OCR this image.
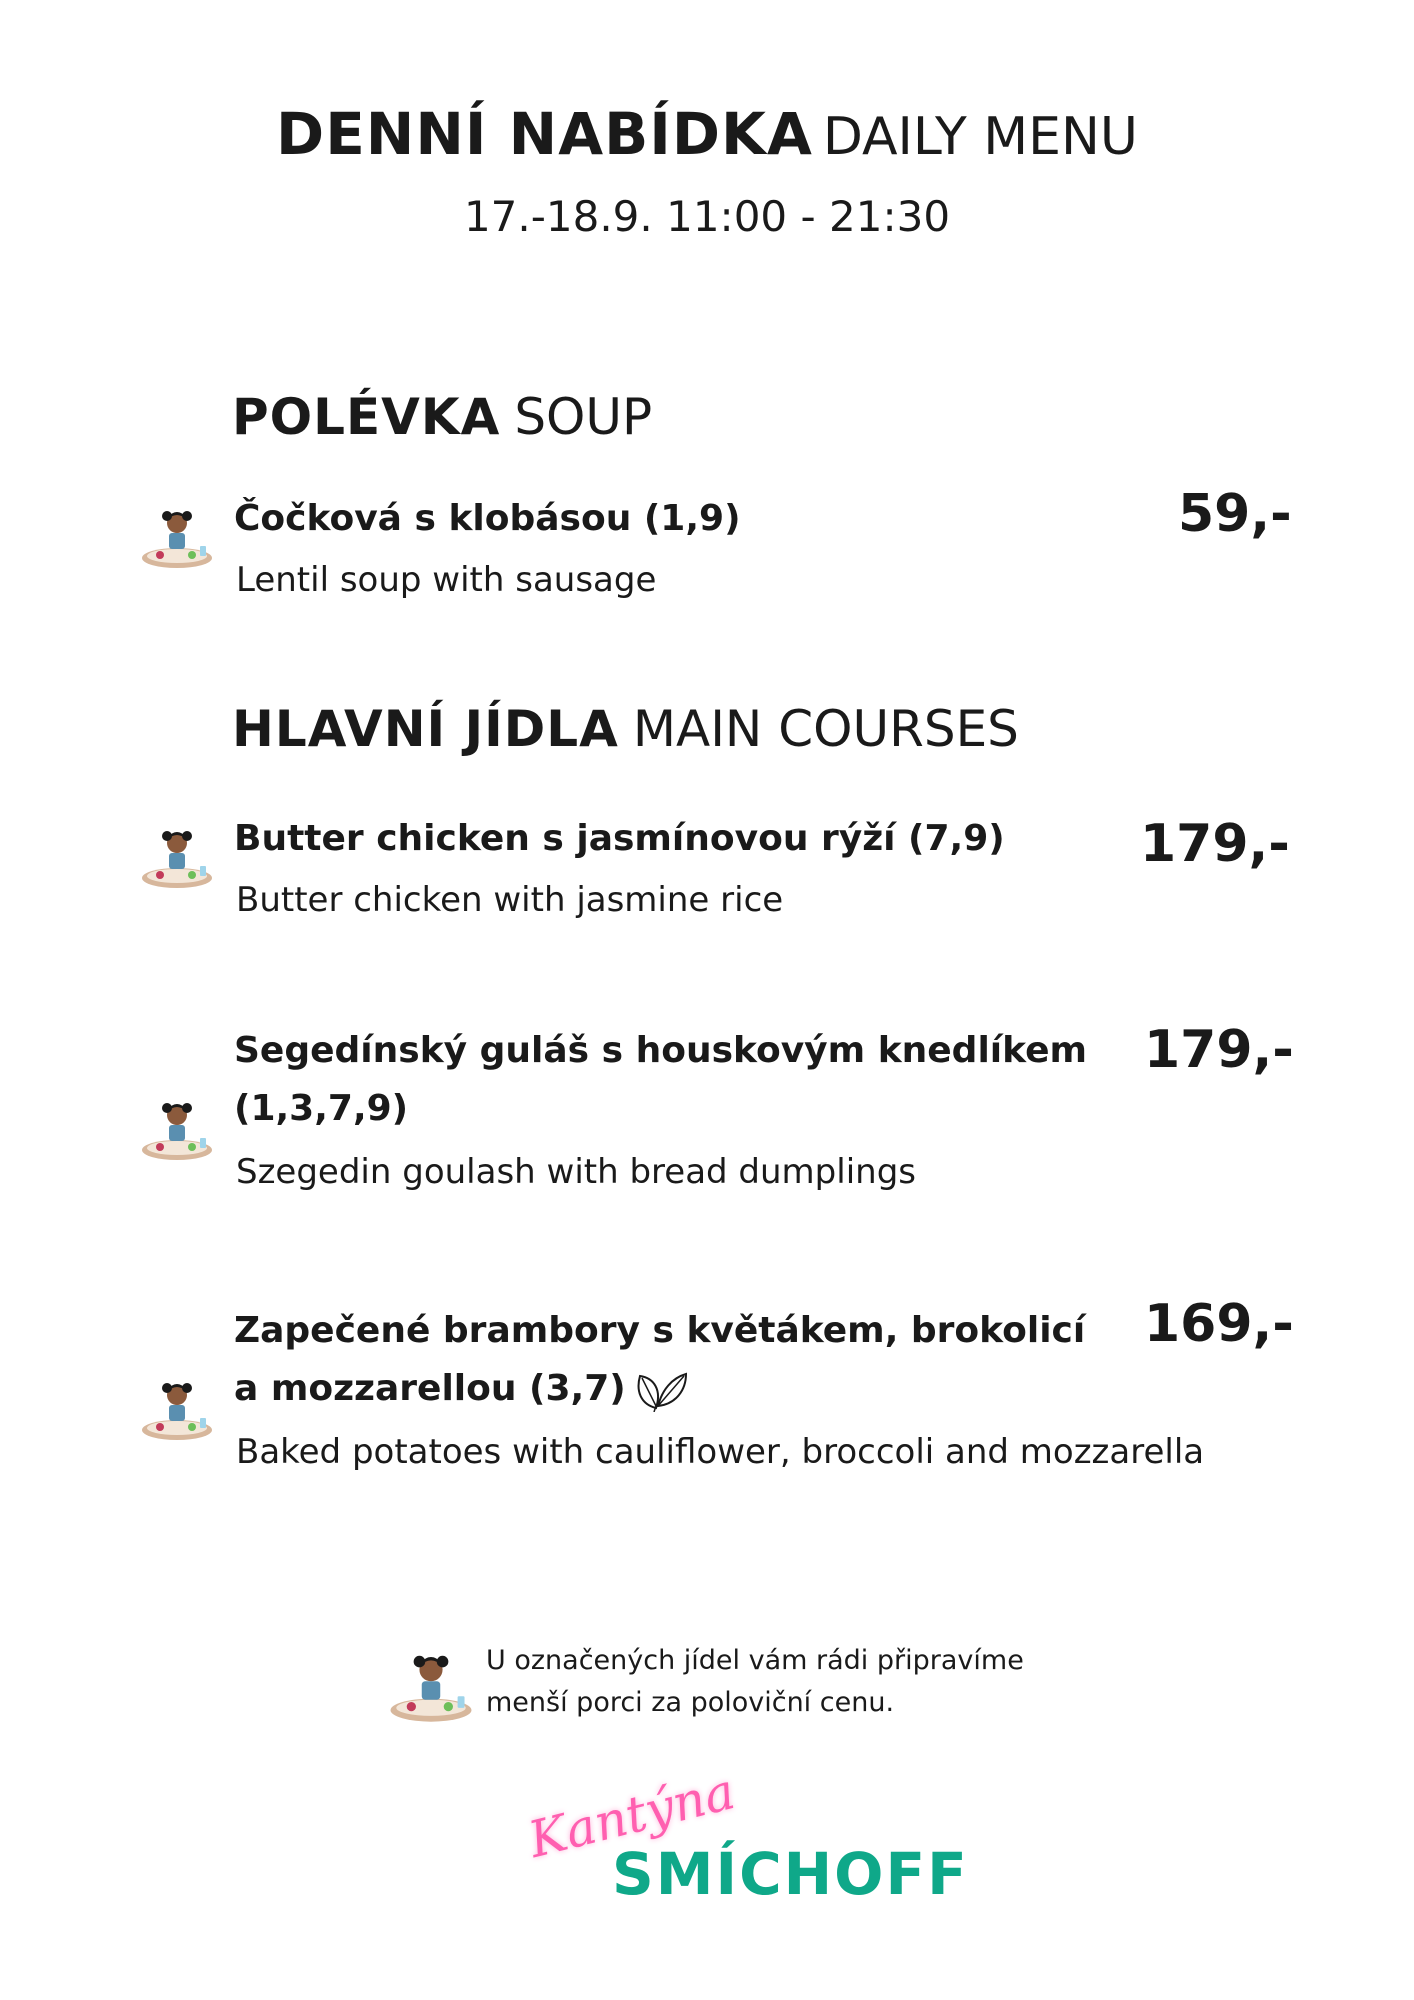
DENNÍ NABÍDKA DAILY MENU
17.-18.9. 11:00 - 21:30
POLÉVKA SOUP
Čočková s klobásou (1,9)
Lentil soup with sausage
59,-
HLAVNÍ JÍDLA MAIN COURSES
Butter chicken s jasmínovou rýží (7,9)
Butter chicken with jasmine rice
179,-
Segedínský guláš s houskovým knedlíkem (1,3,7,9)
Szegedin goulash with bread dumplings
179,-
Zapečené brambory s květákem, brokolicí a mozzarellou (3,7)
Baked potatoes with cauliflower, broccoli and mozzarella
169,-
U označených jídel vám rádi připravíme
menší porci za poloviční cenu.
Kantýna
SMÍCHOFF
